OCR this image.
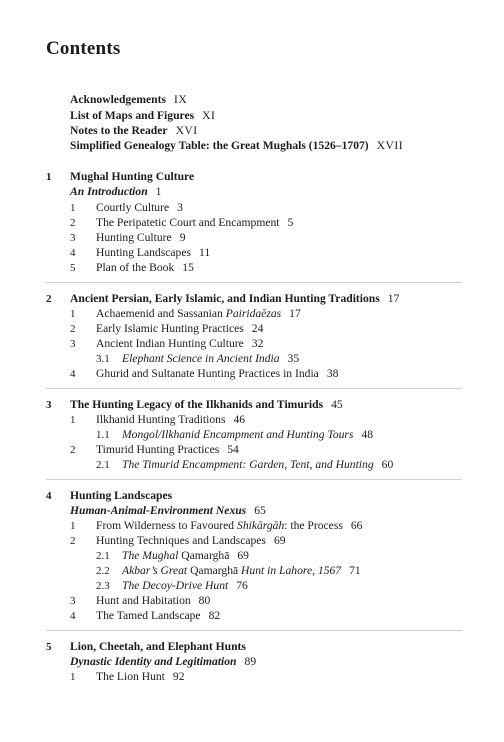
Contents
Acknowledgements IX
List of Maps and Figures XI
Notes to the Reader XVI
Simplified Genealogy Table: the Great Mughals (1526–1707) XVII
1 Mughal Hunting Culture
An Introduction 1
1 Courtly Culture 3
2 The Peripatetic Court and Encampment 5
3 Hunting Culture 9
4 Hunting Landscapes 11
5 Plan of the Book 15
2 Ancient Persian, Early Islamic, and Indian Hunting Traditions 17
1 Achaemenid and Sassanian Pairidaēzas 17
2 Early Islamic Hunting Practices 24
3 Ancient Indian Hunting Culture 32
3.1 Elephant Science in Ancient India 35
4 Ghurid and Sultanate Hunting Practices in India 38
3 The Hunting Legacy of the Ilkhanids and Timurids 45
1 Ilkhanid Hunting Traditions 46
1.1 Mongol/Ilkhanid Encampment and Hunting Tours 48
2 Timurid Hunting Practices 54
2.1 The Timurid Encampment: Garden, Tent, and Hunting 60
4 Hunting Landscapes
Human-Animal-Environment Nexus 65
1 From Wilderness to Favoured Shikārgāh: the Process 66
2 Hunting Techniques and Landscapes 69
2.1 The Mughal Qamarghā 69
2.2 Akbar’s Great Qamarghā Hunt in Lahore, 1567 71
2.3 The Decoy-Drive Hunt 76
3 Hunt and Habitation 80
4 The Tamed Landscape 82
5 Lion, Cheetah, and Elephant Hunts
Dynastic Identity and Legitimation 89
1 The Lion Hunt 92
